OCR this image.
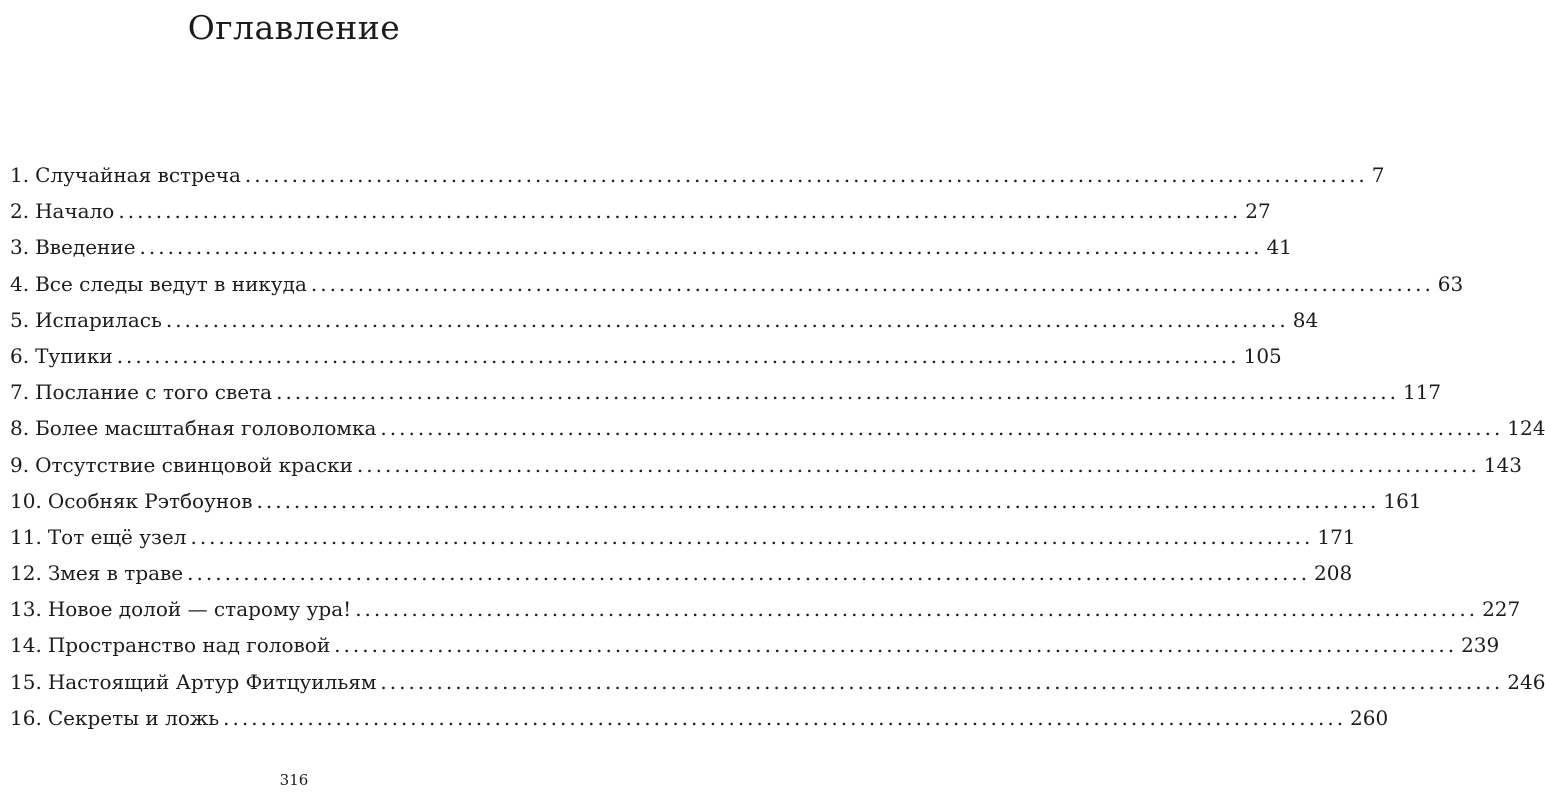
Оглавление
1. Случайная встреча ........................................................................................................................ 7
2. Начало ........................................................................................................................ 27
3. Введение ........................................................................................................................ 41
4. Все следы ведут в никуда ........................................................................................................................ 63
5. Испарилась ........................................................................................................................ 84
6. Тупики ........................................................................................................................ 105
7. Послание с того света ........................................................................................................................ 117
8. Более масштабная головоломка ........................................................................................................................ 124
9. Отсутствие свинцовой краски ........................................................................................................................ 143
10. Особняк Рэтбоунов ........................................................................................................................ 161
11. Тот ещё узел ........................................................................................................................ 171
12. Змея в траве ........................................................................................................................ 208
13. Новое долой — старому ура! ........................................................................................................................ 227
14. Пространство над головой ........................................................................................................................ 239
15. Настоящий Артур Фитцуильям ........................................................................................................................ 246
16. Секреты и ложь ........................................................................................................................ 260

316
